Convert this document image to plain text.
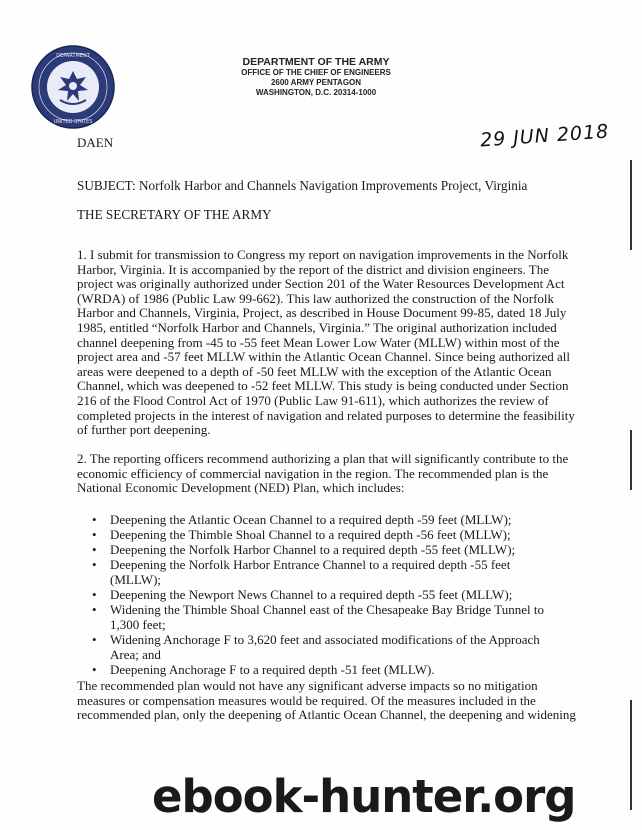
DEPARTMENT
UNITED STATES
DEPARTMENT OF THE ARMY
OFFICE OF THE CHIEF OF ENGINEERS
2600 ARMY PENTAGON
WASHINGTON, D.C. 20314-1000
DAEN	29 JUN 2018
SUBJECT: Norfolk Harbor and Channels Navigation Improvements Project, Virginia
THE SECRETARY OF THE ARMY

1. I submit for transmission to Congress my report on navigation improvements in the Norfolk Harbor, Virginia. It is accompanied by the report of the district and division engineers. The project was originally authorized under Section 201 of the Water Resources Development Act (WRDA) of 1986 (Public Law 99-662). This law authorized the construction of the Norfolk Harbor and Channels, Virginia, Project, as described in House Document 99-85, dated 18 July 1985, entitled “Norfolk Harbor and Channels, Virginia.” The original authorization included channel deepening from -45 to -55 feet Mean Lower Low Water (MLLW) within most of the project area and -57 feet MLLW within the Atlantic Ocean Channel. Since being authorized all areas were deepened to a depth of -50 feet MLLW with the exception of the Atlantic Ocean Channel, which was deepened to -52 feet MLLW. This study is being conducted under Section 216 of the Flood Control Act of 1970 (Public Law 91-611), which authorizes the review of completed projects in the interest of navigation and related purposes to determine the feasibility of further port deepening.

2. The reporting officers recommend authorizing a plan that will significantly contribute to the economic efficiency of commercial navigation in the region. The recommended plan is the National Economic Development (NED) Plan, which includes:

• Deepening the Atlantic Ocean Channel to a required depth -59 feet (MLLW);
• Deepening the Thimble Shoal Channel to a required depth -56 feet (MLLW);
• Deepening the Norfolk Harbor Channel to a required depth -55 feet (MLLW);
• Deepening the Norfolk Harbor Entrance Channel to a required depth -55 feet (MLLW);
• Deepening the Newport News Channel to a required depth -55 feet (MLLW);
• Widening the Thimble Shoal Channel east of the Chesapeake Bay Bridge Tunnel to 1,300 feet;
• Widening Anchorage F to 3,620 feet and associated modifications of the Approach Area; and
• Deepening Anchorage F to a required depth -51 feet (MLLW).

The recommended plan would not have any significant adverse impacts so no mitigation measures or compensation measures would be required. Of the measures included in the recommended plan, only the deepening of Atlantic Ocean Channel, the deepening and widening

ebook-hunter.org
